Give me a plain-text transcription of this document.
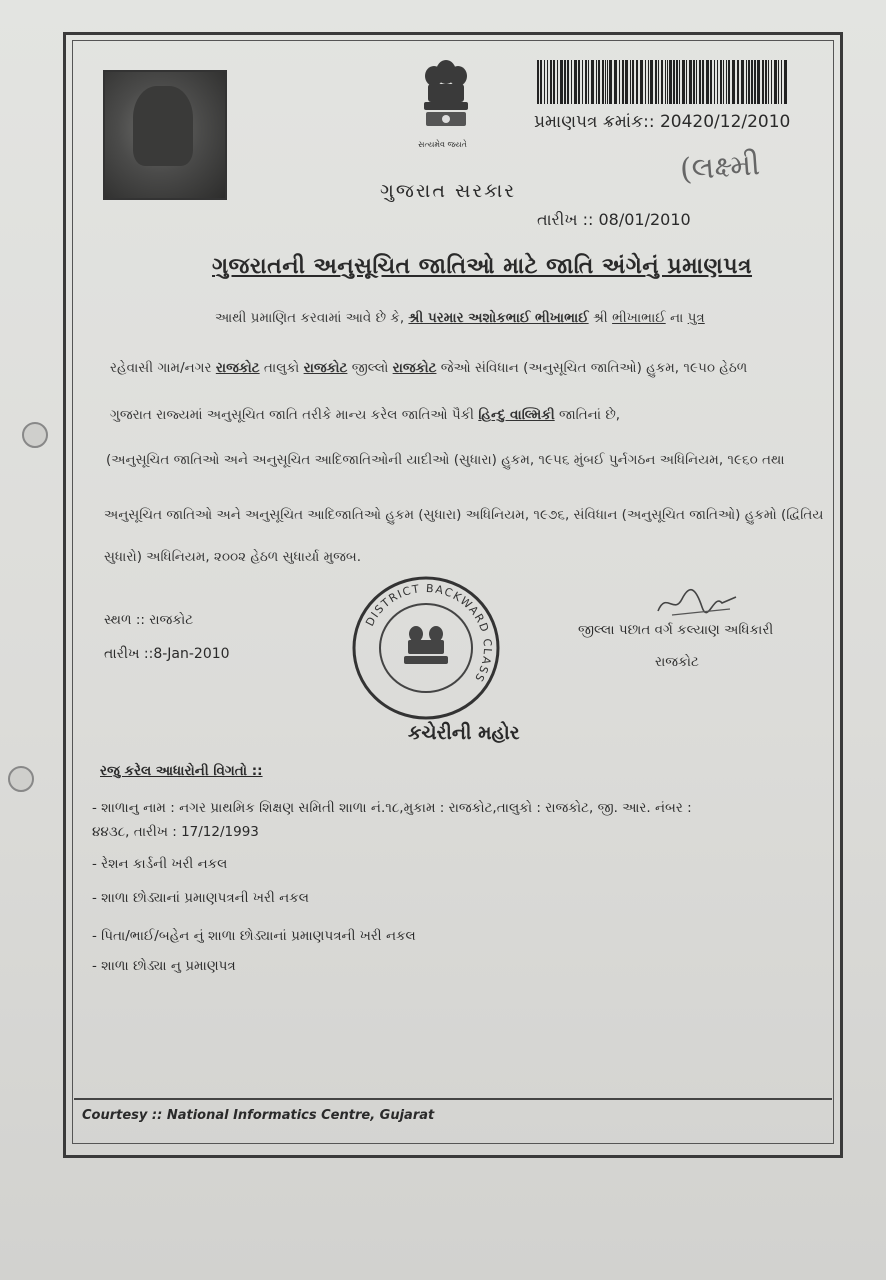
સત્યમેવ જયતે
પ્રમાણપત્ર ક્રમાંક:: 20420/12/2010
(લક્ષ્મી
ગુજરાત સરકાર
તારીખ :: 08/01/2010
ગુજરાતની અનુસૂચિત જાતિઓ માટે જાતિ અંગેનું પ્રમાણપત્ર
આથી પ્રમાણિત કરવામાં આવે છે કે, શ્રી પરમાર અશોકભાઈ ભીખાભાઈ શ્રી ભીખાભાઈ ના પુત્ર
રહેવાસી ગામ/નગર રાજકોટ તાલુકો રાજકોટ જીલ્લો રાજકોટ જેઓ સંવિધાન (અનુસૂચિત જાતિઓ) હુકમ, ૧૯૫૦ હેઠળ
ગુજરાત રાજ્યમાં અનુસૂચિત જાતિ તરીકે માન્ય કરેલ જાતિઓ પૈકી હિન્દુ વાલ્મિકી જાતિનાં છે,
(અનુસૂચિત જાતિઓ અને અનુસૂચિત આદિજાતિઓની યાદીઓ (સુધારા) હુકમ, ૧૯૫૬ મુંબઈ પુર્નગઠન અધિનિયમ, ૧૯૬૦ તથા
અનુસૂચિત જાતિઓ અને અનુસૂચિત આદિજાતિઓ હુકમ (સુધારા) અધિનિયમ, ૧૯૭૬, સંવિધાન (અનુસૂચિત જાતિઓ) હુકમો (દ્વિતિય સુધારો) અધિનિયમ, ૨૦૦૨ હેઠળ સુધાર્યા મુજબ.
સ્થળ :: રાજકોટ
તારીખ ::8-Jan-2010
જીલ્લા પછાત વર્ગ કલ્યાણ અધિકારી
રાજકોટ
DISTRICT BACKWARD CLASS
કચેરીની મહોર
રજુ કરેલ આધારોની વિગતો ::
- શાળાનુ નામ : નગર પ્રાથમિક શિક્ષણ સમિતી શાળા નં.૧૮,મુકામ : રાજકોટ,તાલુકો : રાજકોટ, જી. આર. નંબર :
૪૪૩૮, તારીખ : 17/12/1993
- રેશન કાર્ડની ખરી નકલ
- શાળા છોડ્યાનાં પ્રમાણપત્રની ખરી નકલ
- પિતા/ભાઈ/બહેન નું શાળા છોડ્યાનાં પ્રમાણપત્રની ખરી નકલ
- શાળા છોડ્યા નુ પ્રમાણપત્ર
Courtesy :: National Informatics Centre, Gujarat
